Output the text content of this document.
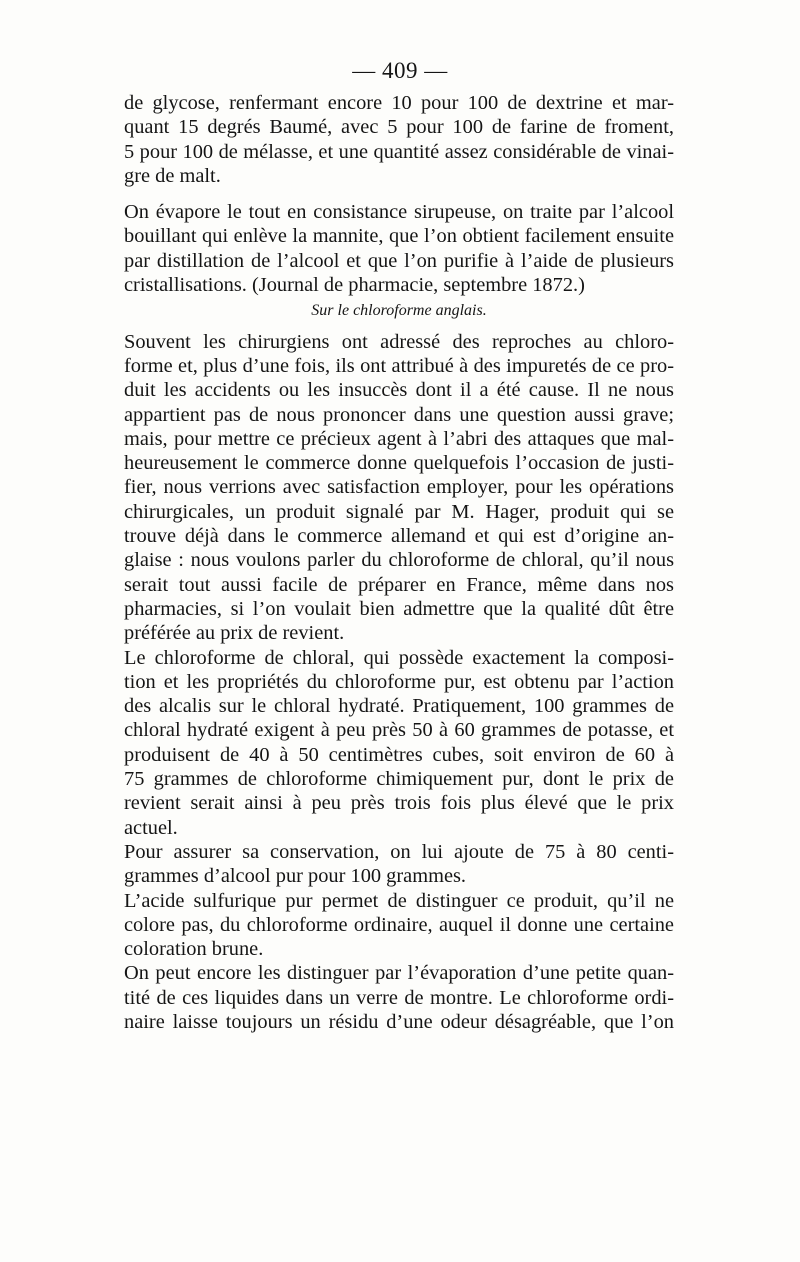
— 409 —
de glycose, renfermant encore 10 pour 100 de dextrine et mar-
quant 15 degrés Baumé, avec 5 pour 100 de farine de froment,
5 pour 100 de mélasse, et une quantité assez considérable de vinai-
gre de malt.
On évapore le tout en consistance sirupeuse, on traite par l’alcool
bouillant qui enlève la mannite, que l’on obtient facilement ensuite
par distillation de l’alcool et que l’on purifie à l’aide de plusieurs
cristallisations. (Journal de pharmacie, septembre 1872.)
Sur le chloroforme anglais.
Souvent les chirurgiens ont adressé des reproches au chloro-
forme et, plus d’une fois, ils ont attribué à des impuretés de ce pro-
duit les accidents ou les insuccès dont il a été cause. Il ne nous
appartient pas de nous prononcer dans une question aussi grave;
mais, pour mettre ce précieux agent à l’abri des attaques que mal-
heureusement le commerce donne quelquefois l’occasion de justi-
fier, nous verrions avec satisfaction employer, pour les opérations
chirurgicales, un produit signalé par M. Hager, produit qui se
trouve déjà dans le commerce allemand et qui est d’origine an-
glaise : nous voulons parler du chloroforme de chloral, qu’il nous
serait tout aussi facile de préparer en France, même dans nos
pharmacies, si l’on voulait bien admettre que la qualité dût être
préférée au prix de revient.
Le chloroforme de chloral, qui possède exactement la composi-
tion et les propriétés du chloroforme pur, est obtenu par l’action
des alcalis sur le chloral hydraté. Pratiquement, 100 grammes de
chloral hydraté exigent à peu près 50 à 60 grammes de potasse, et
produisent de 40 à 50 centimètres cubes, soit environ de 60 à
75 grammes de chloroforme chimiquement pur, dont le prix de
revient serait ainsi à peu près trois fois plus élevé que le prix
actuel.
Pour assurer sa conservation, on lui ajoute de 75 à 80 centi-
grammes d’alcool pur pour 100 grammes.
L’acide sulfurique pur permet de distinguer ce produit, qu’il ne
colore pas, du chloroforme ordinaire, auquel il donne une certaine
coloration brune.
On peut encore les distinguer par l’évaporation d’une petite quan-
tité de ces liquides dans un verre de montre. Le chloroforme ordi-
naire laisse toujours un résidu d’une odeur désagréable, que l’on
